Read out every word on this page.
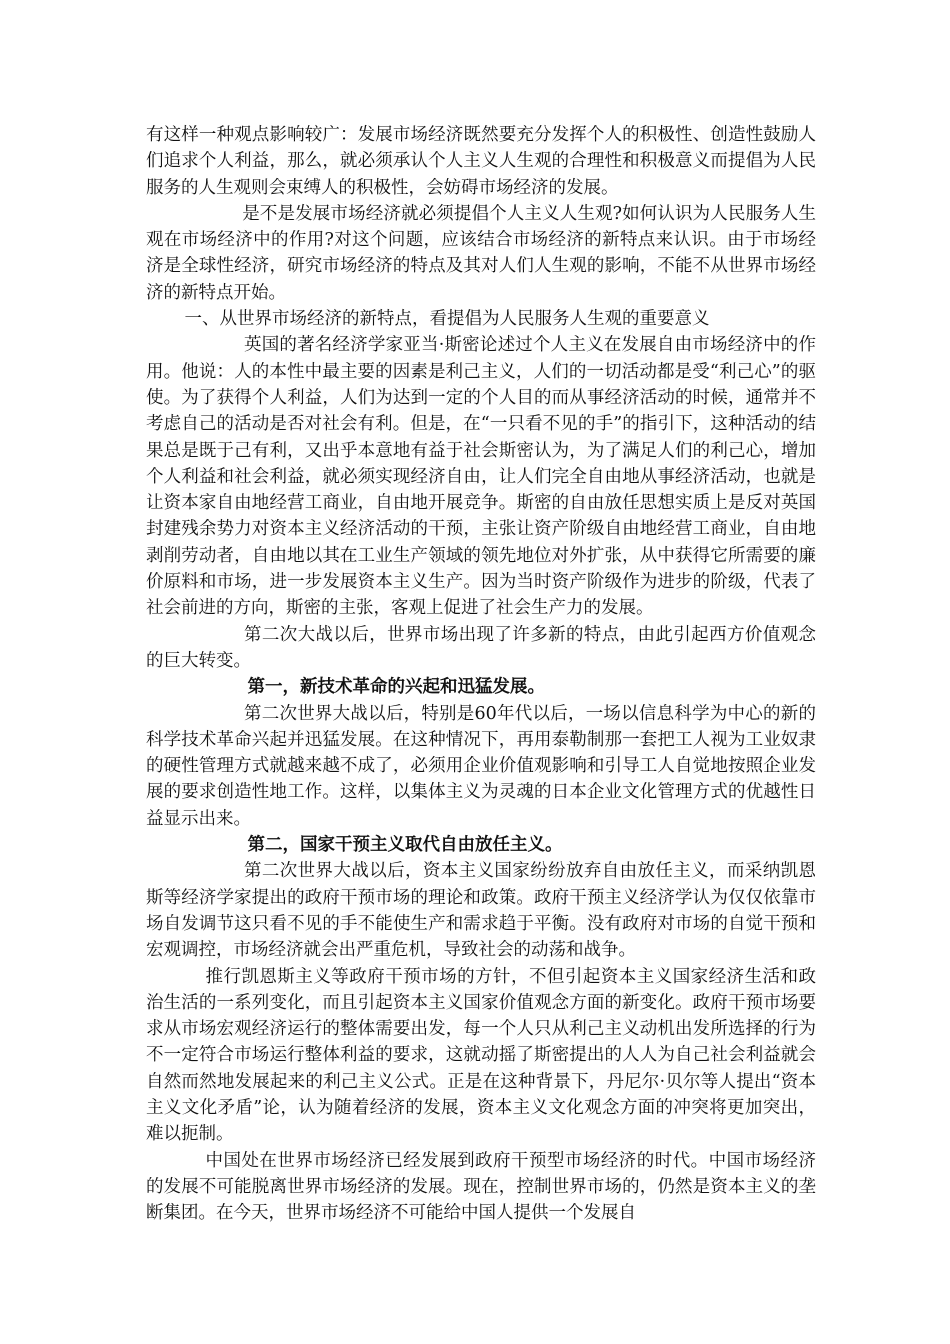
有这样一种观点影响较广：发展市场经济既然要充分发挥个人的积极性、创造性鼓励人们追求个人利益，那么，就必须承认个人主义人生观的合理性和积极意义而提倡为人民服务的人生观则会束缚人的积极性，会妨碍市场经济的发展。

是不是发展市场经济就必须提倡个人主义人生观?如何认识为人民服务人生观在市场经济中的作用?对这个问题，应该结合市场经济的新特点来认识。由于市场经济是全球性经济，研究市场经济的特点及其对人们人生观的影响，不能不从世界市场经济的新特点开始。

一、从世界市场经济的新特点，看提倡为人民服务人生观的重要意义

英国的著名经济学家亚当·斯密论述过个人主义在发展自由市场经济中的作用。他说：人的本性中最主要的因素是利己主义，人们的一切活动都是受“利己心”的驱使。为了获得个人利益，人们为达到一定的个人目的而从事经济活动的时候，通常并不考虑自己的活动是否对社会有利。但是，在“一只看不见的手”的指引下，这种活动的结果总是既于己有利，又出乎本意地有益于社会斯密认为，为了满足人们的利己心，增加个人利益和社会利益，就必须实现经济自由，让人们完全自由地从事经济活动，也就是让资本家自由地经营工商业，自由地开展竞争。斯密的自由放任思想实质上是反对英国封建残余势力对资本主义经济活动的干预，主张让资产阶级自由地经营工商业，自由地剥削劳动者，自由地以其在工业生产领域的领先地位对外扩张，从中获得它所需要的廉价原料和市场，进一步发展资本主义生产。因为当时资产阶级作为进步的阶级，代表了社会前进的方向，斯密的主张，客观上促进了社会生产力的发展。

第二次大战以后，世界市场出现了许多新的特点，由此引起西方价值观念的巨大转变。

第一，新技术革命的兴起和迅猛发展。

第二次世界大战以后，特别是60年代以后，一场以信息科学为中心的新的科学技术革命兴起并迅猛发展。在这种情况下，再用泰勒制那一套把工人视为工业奴隶的硬性管理方式就越来越不成了，必须用企业价值观影响和引导工人自觉地按照企业发展的要求创造性地工作。这样，以集体主义为灵魂的日本企业文化管理方式的优越性日益显示出来。

第二，国家干预主义取代自由放任主义。

第二次世界大战以后，资本主义国家纷纷放弃自由放任主义，而采纳凯恩斯等经济学家提出的政府干预市场的理论和政策。政府干预主义经济学认为仅仅依靠市场自发调节这只看不见的手不能使生产和需求趋于平衡。没有政府对市场的自觉干预和宏观调控，市场经济就会出严重危机，导致社会的动荡和战争。

推行凯恩斯主义等政府干预市场的方针，不但引起资本主义国家经济生活和政治生活的一系列变化，而且引起资本主义国家价值观念方面的新变化。政府干预市场要求从市场宏观经济运行的整体需要出发，每一个人只从利己主义动机出发所选择的行为不一定符合市场运行整体利益的要求，这就动摇了斯密提出的人人为自己社会利益就会自然而然地发展起来的利己主义公式。正是在这种背景下，丹尼尔·贝尔等人提出“资本主义文化矛盾”论，认为随着经济的发展，资本主义文化观念方面的冲突将更加突出，难以扼制。

中国处在世界市场经济已经发展到政府干预型市场经济的时代。中国市场经济的发展不可能脱离世界市场经济的发展。现在，控制世界市场的，仍然是资本主义的垄断集团。在今天，世界市场经济不可能给中国人提供一个发展自
